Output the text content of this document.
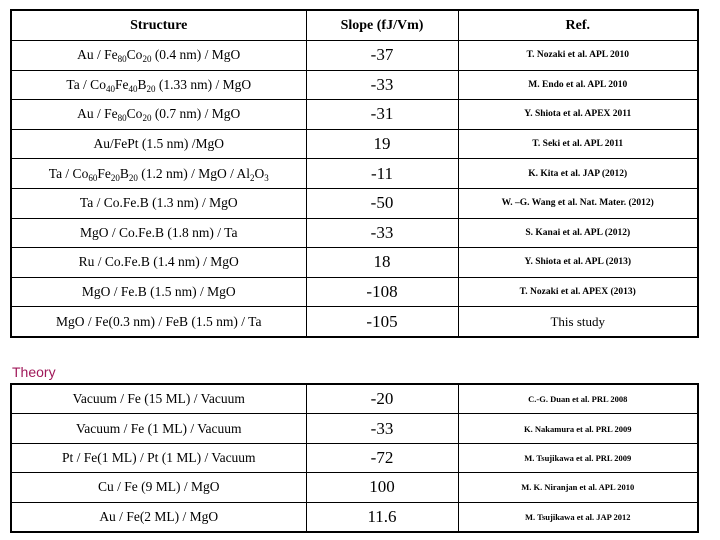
Structure	Slope (fJ/Vm)	Ref.
Au / $Fe_{80}Co_{20}$ (0.4 nm) / MgO	-37	T. Nozaki et al. APL 2010
Ta / $Co_{40}Fe_{40}B_{20}$ (1.33 nm) / MgO	-33	M. Endo et al. APL 2010
Au / $Fe_{80}Co_{20}$ (0.7 nm) / MgO	-31	Y. Shiota et al. APEX 2011
Au/FePt (1.5 nm) /MgO	19	T. Seki et al. APL 2011
Ta / $Co_{60}Fe_{20}B_{20}$ (1.2 nm) / MgO / $Al_2O_3$	-11	K. Kita et al. JAP (2012)
Ta / Co.Fe.B (1.3 nm) / MgO	-50	W. –G. Wang et al. Nat. Mater. (2012)
MgO / Co.Fe.B (1.8 nm) / Ta	-33	S. Kanai et al. APL (2012)
Ru / Co.Fe.B (1.4 nm) / MgO	18	Y. Shiota et al. APL (2013)
MgO / Fe.B (1.5 nm) / MgO	-108	T. Nozaki et al. APEX (2013)
MgO / Fe(0.3 nm) / FeB (1.5 nm) / Ta	-105	This study
Theory
Vacuum / Fe (15 ML) / Vacuum	-20	C.-G. Duan et al. PRL 2008
Vacuum / Fe (1 ML) / Vacuum	-33	K. Nakamura et al. PRL 2009
Pt / Fe(1 ML) / Pt (1 ML) / Vacuum	-72	M. Tsujikawa et al. PRL 2009
Cu / Fe (9 ML) / MgO	100	M. K. Niranjan et al. APL 2010
Au / Fe(2 ML) / MgO	11.6	M. Tsujikawa et al. JAP 2012
